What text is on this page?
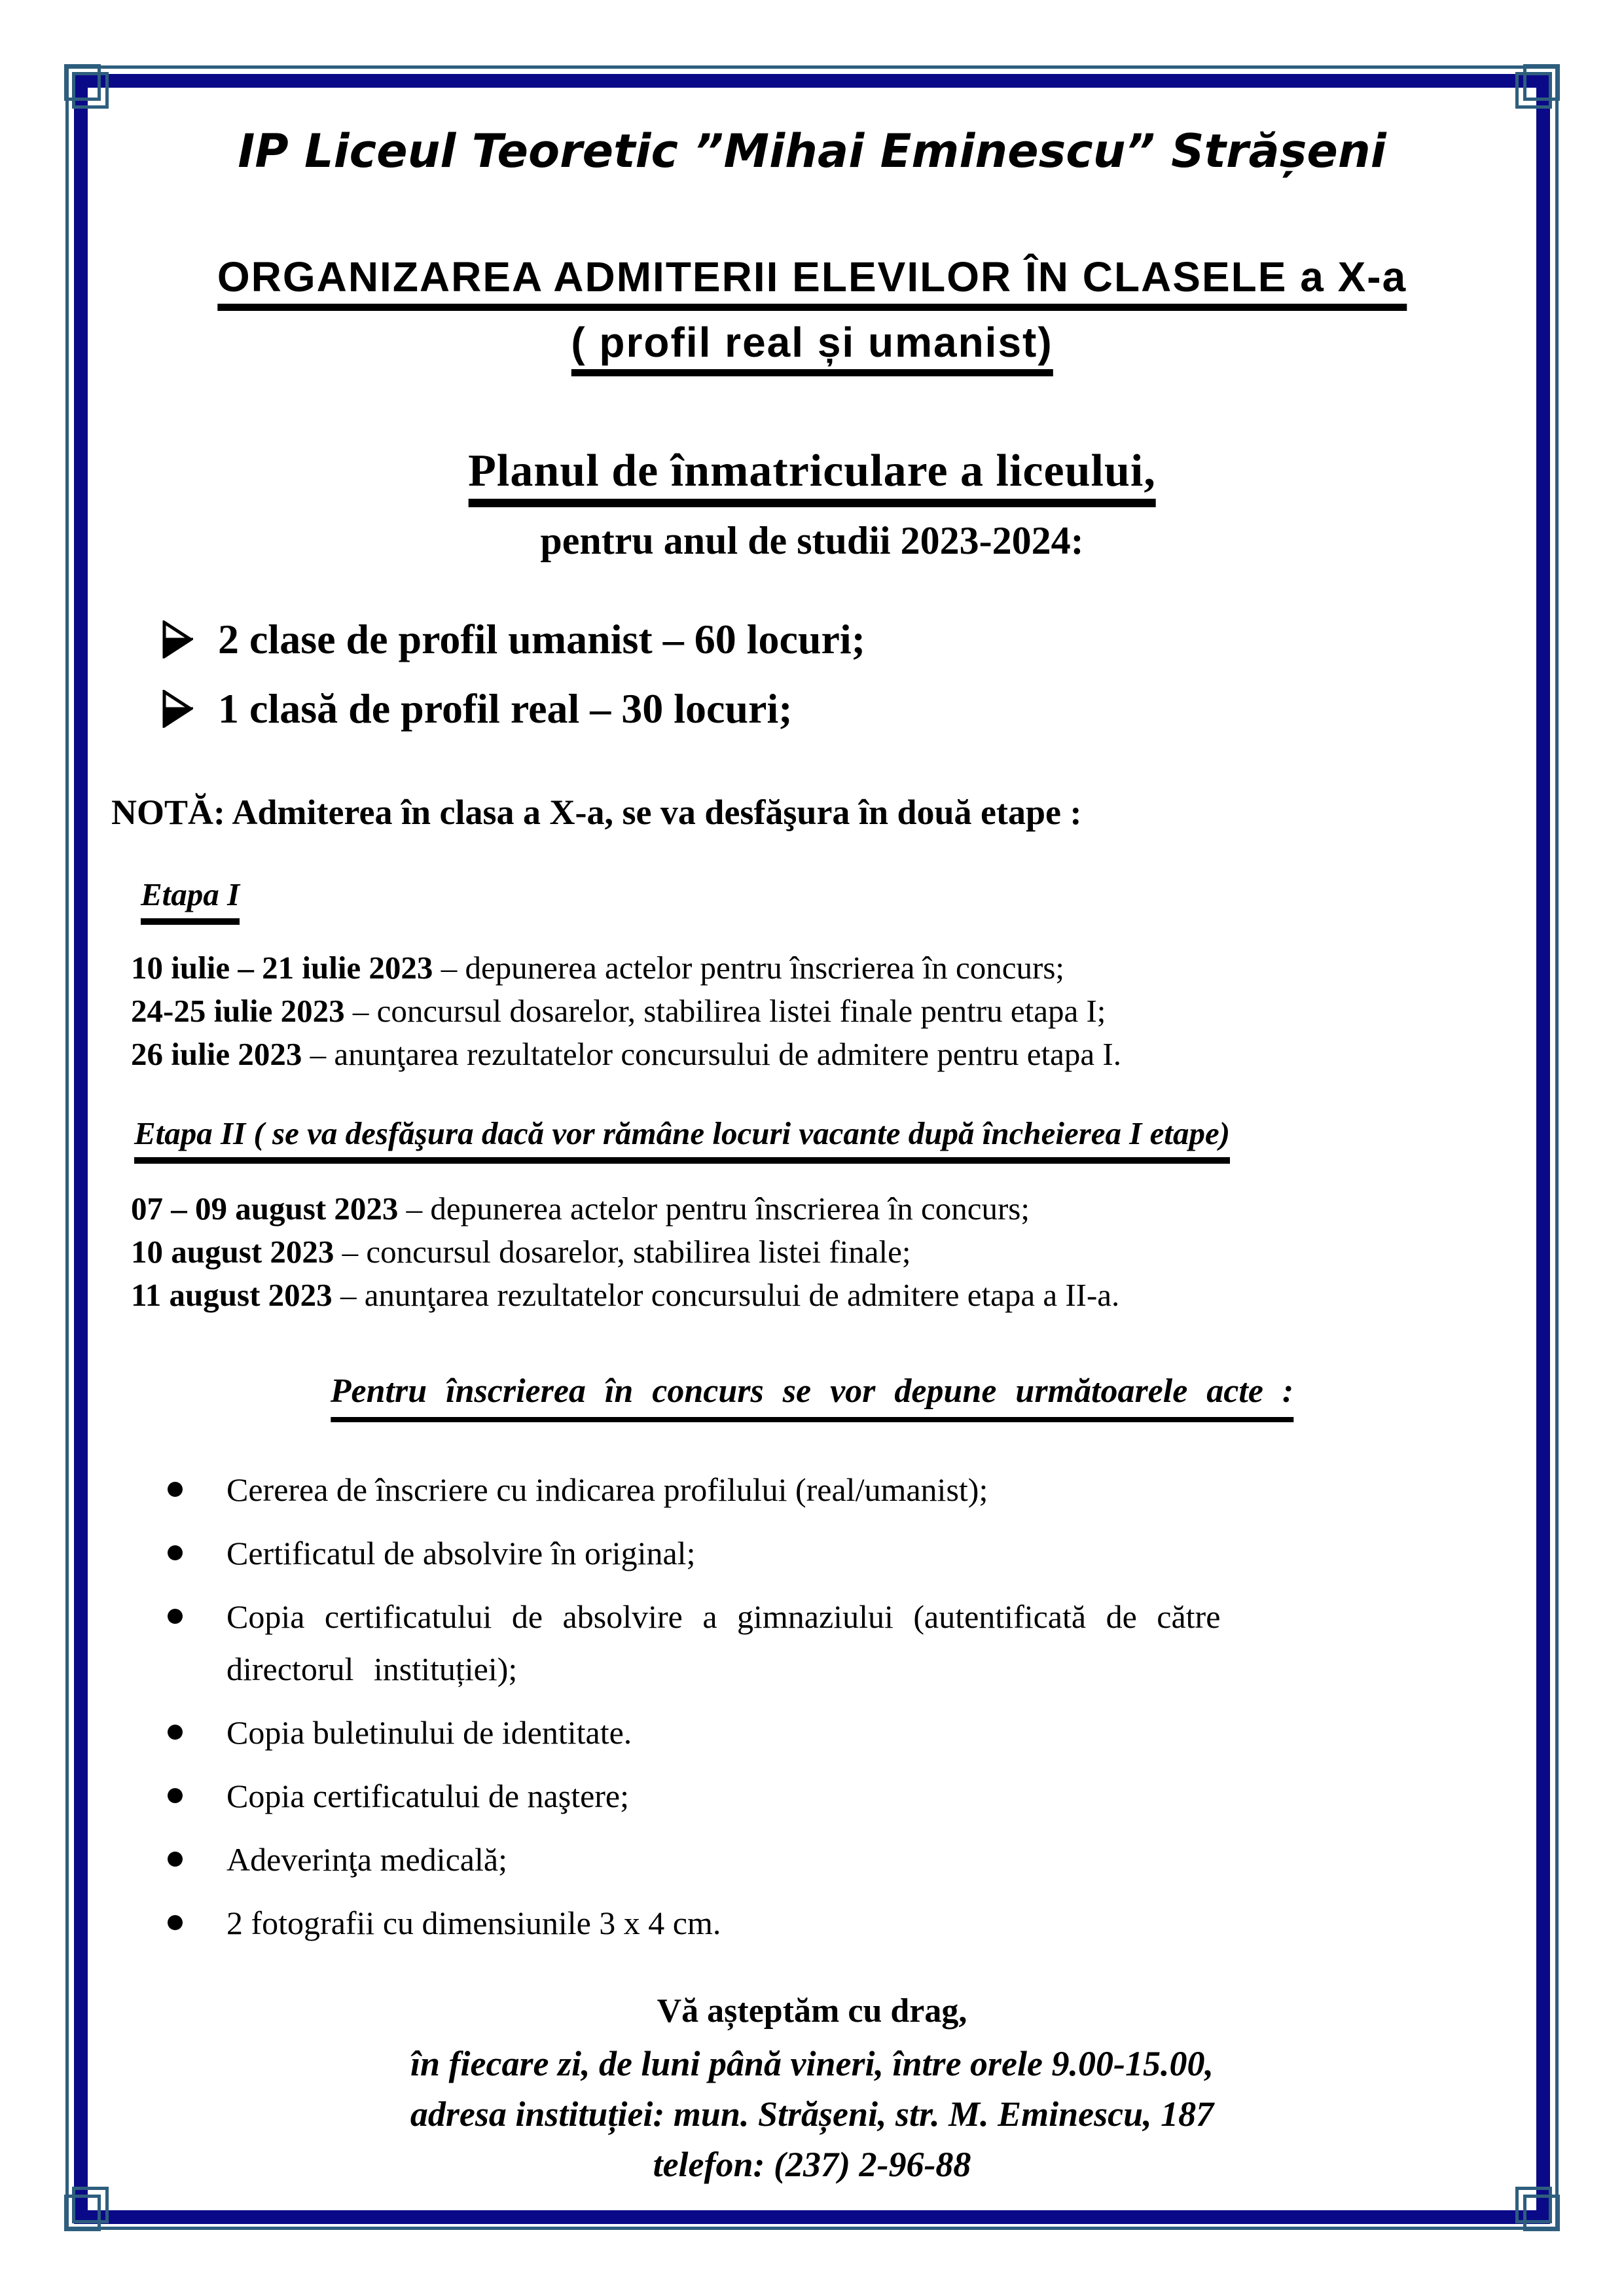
IP Liceul Teoretic ”Mihai Eminescu” Strășeni
ORGANIZAREA ADMITERII ELEVILOR ÎN CLASELE a X-a
( profil real și umanist)
Planul de înmatriculare a liceului,
pentru anul de studii 2023-2024:
2 clase de profil umanist – 60 locuri;
1 clasă de profil real – 30 locuri;
NOTĂ: Admiterea în clasa a X-a, se va desfăşura în două etape :
Etapa I
10 iulie – 21 iulie 2023 – depunerea actelor pentru înscrierea în concurs;
24-25 iulie 2023 – concursul dosarelor, stabilirea listei finale pentru etapa I;
26 iulie 2023 – anunţarea rezultatelor concursului de admitere pentru etapa I.
Etapa II ( se va desfăşura dacă vor rămâne locuri vacante după încheierea I etape)
07 – 09 august 2023 – depunerea actelor pentru înscrierea în concurs;
10 august 2023 – concursul dosarelor, stabilirea listei finale;
11 august 2023 – anunţarea rezultatelor concursului de admitere etapa a II-a.
Pentru înscrierea în concurs se vor depune următoarele acte :
Cererea de înscriere cu indicarea profilului (real/umanist);
Certificatul de absolvire în original;
Copia certificatului de absolvire a gimnaziului (autentificată de către
directorul instituției);
Copia buletinului de identitate.
Copia certificatului de naştere;
Adeverinţa medicală;
2 fotografii cu dimensiunile 3 x 4 cm.
Vă așteptăm cu drag,
în fiecare zi, de luni până vineri, între orele 9.00-15.00,
adresa instituției: mun. Strășeni, str. M. Eminescu, 187
telefon: (237) 2-96-88
